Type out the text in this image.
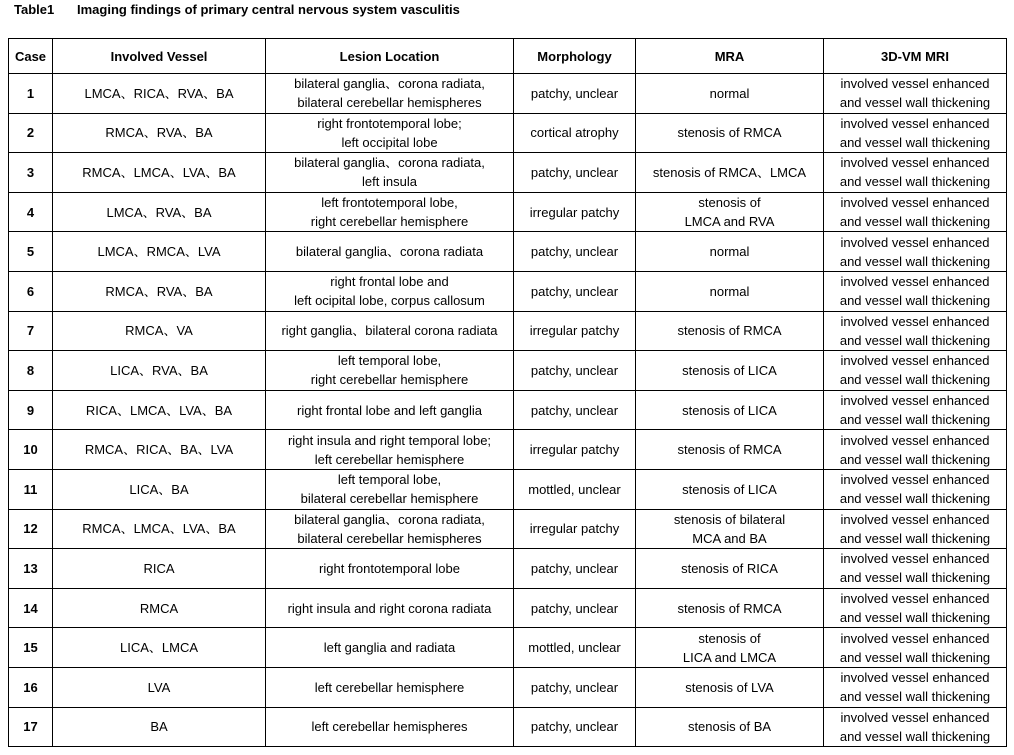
Table1 Imaging findings of primary central nervous system vasculitis
Case	Involved Vessel	Lesion Location	Morphology	MRA	3D-VM MRI
1	LMCA、RICA、RVA、BA	bilateral ganglia、corona radiata,
bilateral cerebellar hemispheres	patchy, unclear	normal	involved vessel enhanced
and vessel wall thickening

2	RMCA、RVA、BA	right frontotemporal lobe;
left occipital lobe	cortical atrophy	stenosis of RMCA	involved vessel enhanced
and vessel wall thickening

3	RMCA、LMCA、LVA、BA	bilateral ganglia、corona radiata,
left insula	patchy, unclear	stenosis of RMCA、LMCA	involved vessel enhanced
and vessel wall thickening

4	LMCA、RVA、BA	left frontotemporal lobe,
right cerebellar hemisphere	irregular patchy	stenosis of
LMCA and RVA	involved vessel enhanced
and vessel wall thickening

5	LMCA、RMCA、LVA	bilateral ganglia、corona radiata	patchy, unclear	normal	involved vessel enhanced
and vessel wall thickening

6	RMCA、RVA、BA	right frontal lobe and
left ocipital lobe, corpus callosum	patchy, unclear	normal	involved vessel enhanced
and vessel wall thickening

7	RMCA、VA	right ganglia、bilateral corona radiata	irregular patchy	stenosis of RMCA	involved vessel enhanced
and vessel wall thickening

8	LICA、RVA、BA	left temporal lobe,
right cerebellar hemisphere	patchy, unclear	stenosis of LICA	involved vessel enhanced
and vessel wall thickening

9	RICA、LMCA、LVA、BA	right frontal lobe and left ganglia	patchy, unclear	stenosis of LICA	involved vessel enhanced
and vessel wall thickening

10	RMCA、RICA、BA、LVA	right insula and right temporal lobe;
left cerebellar hemisphere	irregular patchy	stenosis of RMCA	involved vessel enhanced
and vessel wall thickening

11	LICA、BA	left temporal lobe,
bilateral cerebellar hemisphere	mottled, unclear	stenosis of LICA	involved vessel enhanced
and vessel wall thickening

12	RMCA、LMCA、LVA、BA	bilateral ganglia、corona radiata,
bilateral cerebellar hemispheres	irregular patchy	stenosis of bilateral
MCA and BA	involved vessel enhanced
and vessel wall thickening

13	RICA	right frontotemporal lobe	patchy, unclear	stenosis of RICA	involved vessel enhanced
and vessel wall thickening

14	RMCA	right insula and right corona radiata	patchy, unclear	stenosis of RMCA	involved vessel enhanced
and vessel wall thickening

15	LICA、LMCA	left ganglia and radiata	mottled, unclear	stenosis of
LICA and LMCA	involved vessel enhanced
and vessel wall thickening

16	LVA	left cerebellar hemisphere	patchy, unclear	stenosis of LVA	involved vessel enhanced
and vessel wall thickening

17	BA	left cerebellar hemispheres	patchy, unclear	stenosis of BA	involved vessel enhanced
and vessel wall thickening
